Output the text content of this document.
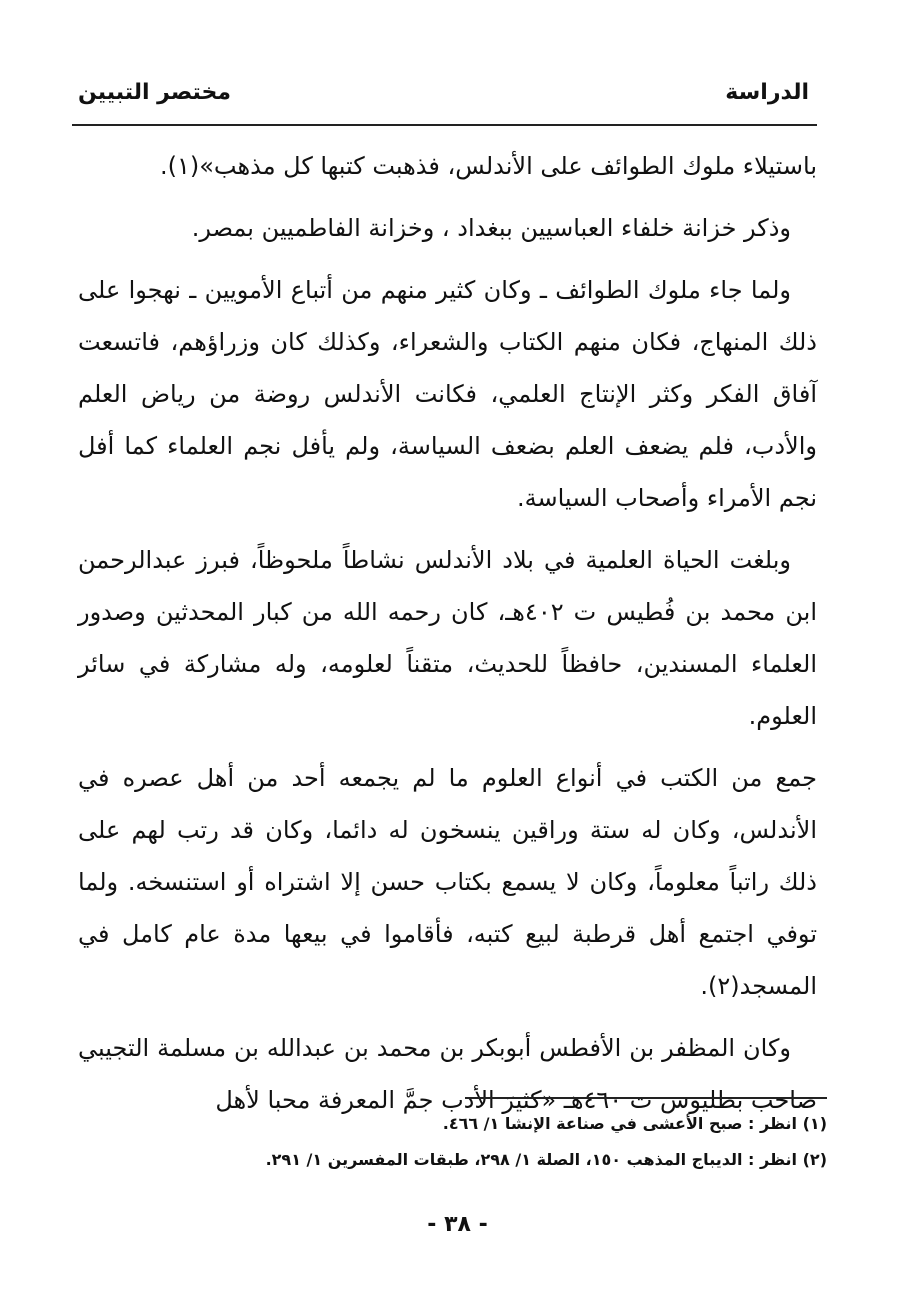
الدراسة
مختصر التبيين

باستيلاء ملوك الطوائف على الأندلس، فذهبت كتبها كل مذهب»(١).

وذكر خزانة خلفاء العباسيين ببغداد ، وخزانة الفاطميين بمصر.

ولما جاء ملوك الطوائف ـ وكان كثير منهم من أتباع الأمويين ـ نهجوا على ذلك المنهاج، فكان منهم الكتاب والشعراء، وكذلك كان وزراؤهم، فاتسعت آفاق الفكر وكثر الإنتاج العلمي، فكانت الأندلس روضة من رياض العلم والأدب، فلم يضعف العلم بضعف السياسة، ولم يأفل نجم العلماء كما أفل نجم الأمراء وأصحاب السياسة.

وبلغت الحياة العلمية في بلاد الأندلس نشاطاً ملحوظاً، فبرز عبدالرحمن ابن محمد بن فُطيس ت ٤٠٢هـ، كان رحمه الله من كبار المحدثين وصدور العلماء المسندين، حافظاً للحديث، متقناً لعلومه، وله مشاركة في سائر العلوم.

جمع من الكتب في أنواع العلوم ما لم يجمعه أحد من أهل عصره في الأندلس، وكان له ستة وراقين ينسخون له دائما، وكان قد رتب لهم على ذلك راتباً معلوماً، وكان لا يسمع بكتاب حسن إلا اشتراه أو استنسخه. ولما توفي اجتمع أهل قرطبة لبيع كتبه، فأقاموا في بيعها مدة عام كامل في المسجد(٢).

وكان المظفر بن الأفطس أبوبكر بن محمد بن عبدالله بن مسلمة التجيبي صاحب بطليوس ت ٤٦٠هـ «كثيرَ الأدب جمَّ المعرفة محبا لأهل

(١) انظر : صبح الأعشى في صناعة الإنشا ١/ ٤٦٦.

(٢) انظر : الديباج المذهب ١٥٠، الصلة ١/ ٢٩٨، طبقات المفسرين ١/ ٢٩١.

- ٣٨ -
